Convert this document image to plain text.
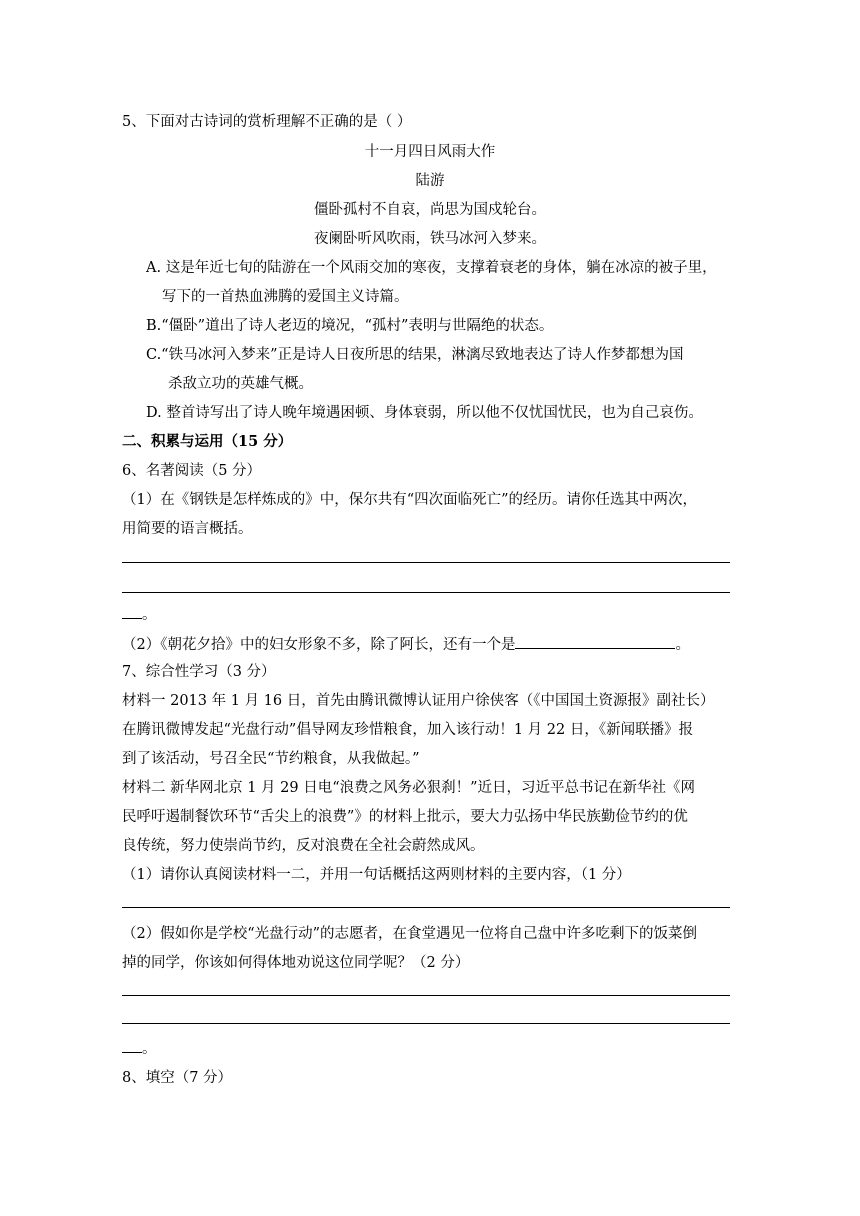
5、下面对古诗词的赏析理解不正确的是（ ）
十一月四日风雨大作
陆游
僵卧孤村不自哀，尚思为国戍轮台。
夜阑卧听风吹雨，铁马冰河入梦来。
A. 这是年近七旬的陆游在一个风雨交加的寒夜，支撑着衰老的身体，躺在冰凉的被子里，
写下的一首热血沸腾的爱国主义诗篇。
B.“僵卧”道出了诗人老迈的境况，“孤村”表明与世隔绝的状态。
C.“铁马冰河入梦来”正是诗人日夜所思的结果，淋漓尽致地表达了诗人作梦都想为国
杀敌立功的英雄气概。
D. 整首诗写出了诗人晚年境遇困顿、身体衰弱，所以他不仅忧国忧民，也为自己哀伤。
二、积累与运用（15 分）
6、名著阅读（5 分）
（1）在《钢铁是怎样炼成的》中，保尔共有“四次面临死亡”的经历。请你任选其中两次，
用简要的语言概括。
。
（2）《朝花夕拾》中的妇女形象不多，除了阿长，还有一个是	。
7、综合性学习（3 分）
材料一 2013 年 1 月 16 日，首先由腾讯微博认证用户徐侠客（《中国国土资源报》副社长）
在腾讯微博发起“光盘行动”倡导网友珍惜粮食，加入该行动！1 月 22 日，《新闻联播》报
到了该活动，号召全民“节约粮食，从我做起。”
材料二 新华网北京 1 月 29 日电“浪费之风务必狠刹！”近日，习近平总书记在新华社《网
民呼吁遏制餐饮环节“舌尖上的浪费”》的材料上批示，要大力弘扬中华民族勤俭节约的优
良传统，努力使崇尚节约，反对浪费在全社会蔚然成风。
（1）请你认真阅读材料一二，并用一句话概括这两则材料的主要内容，（1 分）
（2）假如你是学校“光盘行动”的志愿者，在食堂遇见一位将自己盘中许多吃剩下的饭菜倒
掉的同学，你该如何得体地劝说这位同学呢？（2 分）
。
8、填空（7 分）
